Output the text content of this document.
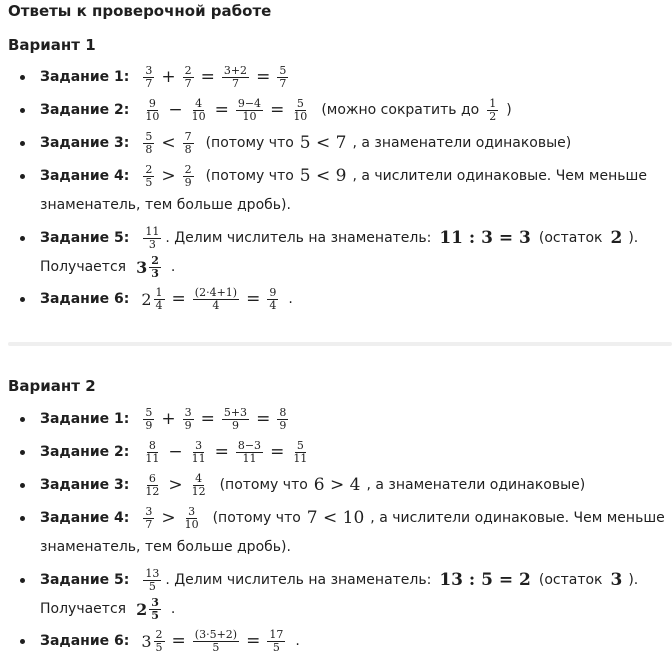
Ответы к проверочной работе
Вариант 1
Задание 1: $\frac{3}{7} + \frac{2}{7} = \frac{3+2}{7} = \frac{5}{7}$
Задание 2: $\frac{9}{10} - \frac{4}{10} = \frac{9-4}{10} = \frac{5}{10}$ (можно сократить до $\frac{1}{2}$ )
Задание 3: $\frac{5}{8} < \frac{7}{8}$ (потому что 5 < 7 , а знаменатели одинаковые)
Задание 4: $\frac{2}{5} > \frac{2}{9}$ (потому что 5 < 9 , а числители одинаковые. Чем меньше
знаменатель, тем больше дробь).
Задание 5: $\frac{11}{3}$ . Делим числитель на знаменатель: 11 : 3 = 3 (остаток 2 ).
Получается $3 \frac{2}{3}$ .
Задание 6: $2 \frac{1}{4} = \frac{(2\cdot 4+1)}{4} = \frac{9}{4}$ .
Вариант 2
Задание 1: $\frac{5}{9} + \frac{3}{9} = \frac{5+3}{9} = \frac{8}{9}$
Задание 2: $\frac{8}{11} - \frac{3}{11} = \frac{8-3}{11} = \frac{5}{11}$
Задание 3: $\frac{6}{12} > \frac{4}{12}$ (потому что 6 > 4 , а знаменатели одинаковые)
Задание 4: $\frac{3}{7} > \frac{3}{10}$ (потому что 7 < 10 , а числители одинаковые. Чем меньше
знаменатель, тем больше дробь).
Задание 5: $\frac{13}{5}$ . Делим числитель на знаменатель: 13 : 5 = 2 (остаток 3 ).
Получается $2 \frac{3}{5}$ .
Задание 6: $3 \frac{2}{5} = \frac{(3\cdot 5+2)}{5} = \frac{17}{5}$ .
